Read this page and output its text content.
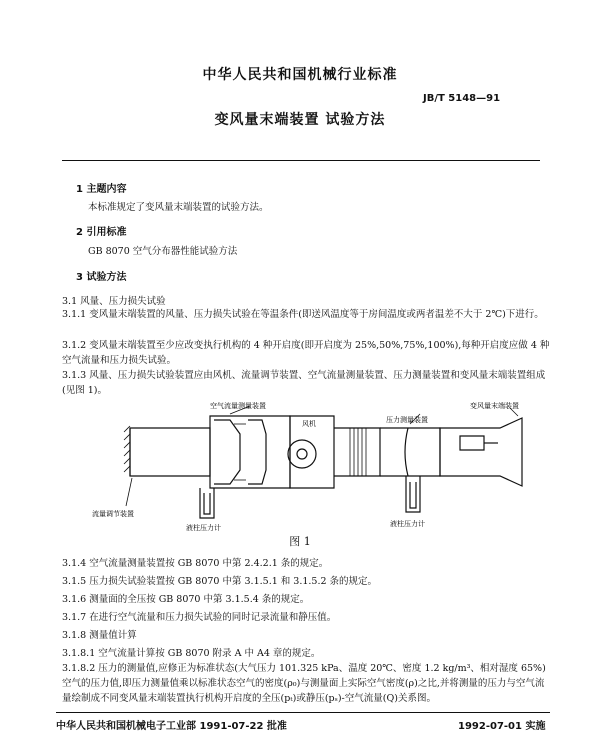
中华人民共和国机械行业标准
JB/T 5148—91
变风量末端装置 试验方法
1 主题内容
本标准规定了变风量末端装置的试验方法。
2 引用标准
GB 8070 空气分布器性能试验方法
3 试验方法
3.1 风量、压力损失试验
3.1.1 变风量末端装置的风量、压力损失试验在等温条件(即送风温度等于房间温度或两者温差不大于 2℃)下进行。
3.1.2 变风量末端装置至少应改变执行机构的 4 种开启度(即开启度为 25%,50%,75%,100%),每种开启度应做 4 种空气流量和压力损失试验。
3.1.3 风量、压力损失试验装置应由风机、流量调节装置、空气流量测量装置、压力测量装置和变风量末端装置组成(见图 1)。
空气流量测量装置
风机	压力测量装置
变风量末端装置
流量调节装置
液柱压力计	液柱压力计
图 1
3.1.4 空气流量测量装置按 GB 8070 中第 2.4.2.1 条的规定。
3.1.5 压力损失试验装置按 GB 8070 中第 3.1.5.1 和 3.1.5.2 条的规定。
3.1.6 测量面的全压按 GB 8070 中第 3.1.5.4 条的规定。
3.1.7 在进行空气流量和压力损失试验的同时记录流量和静压值。
3.1.8 测量值计算
3.1.8.1 空气流量计算按 GB 8070 附录 A 中 A4 章的规定。
3.1.8.2 压力的测量值,应修正为标准状态(大气压力 101.325 kPa、温度 20℃、密度 1.2 kg/m³、相对湿度 65%)空气的压力值,即压力测量值乘以标准状态空气的密度(ρ₀)与测量面上实际空气密度(ρ)之比,并将测量的压力与空气流量绘制成不同变风量末端装置执行机构开启度的全压(pₜ)或静压(pₛ)-空气流量(Q)关系图。
中华人民共和国机械电子工业部 1991-07-22 批准	1992-07-01 实施
